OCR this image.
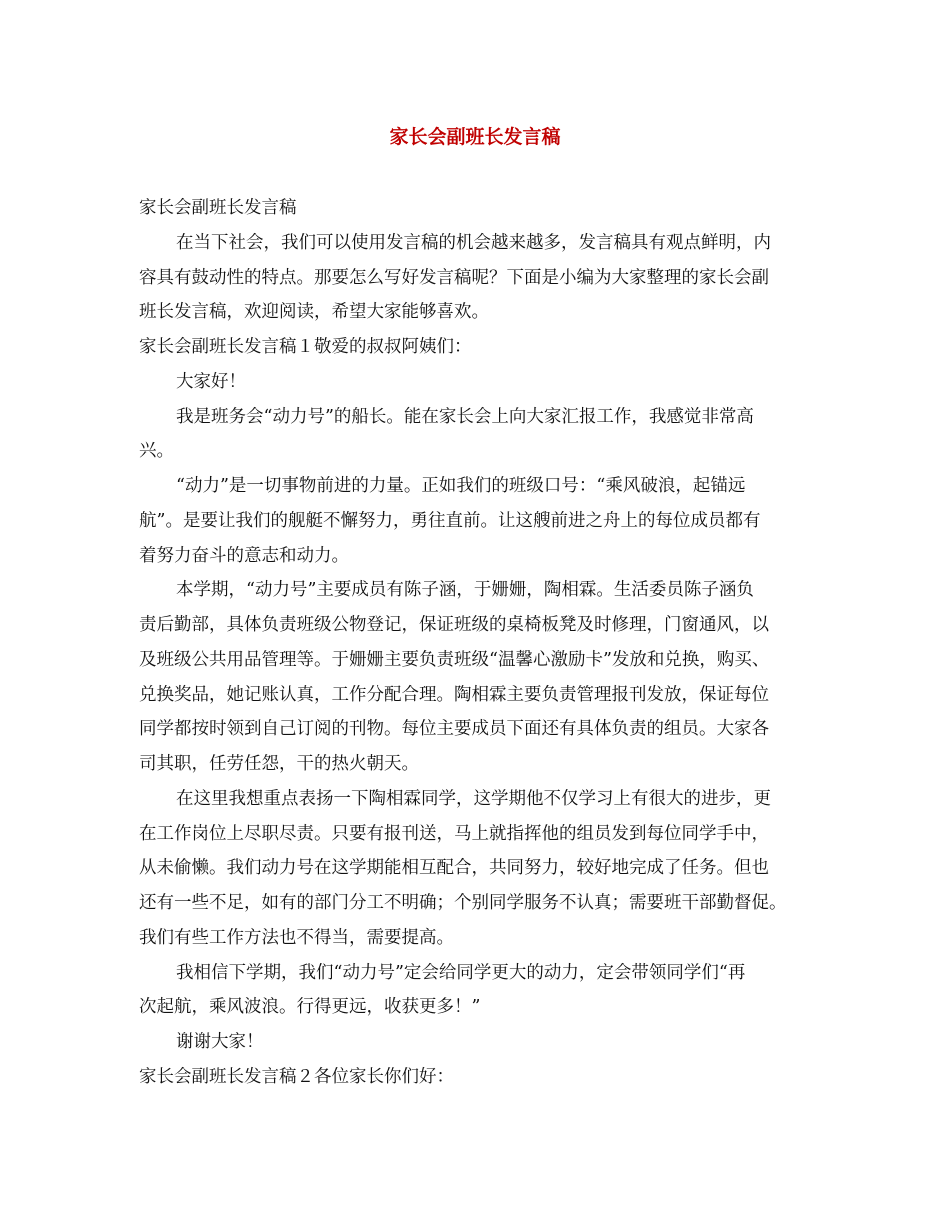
家长会副班长发言稿
家长会副班长发言稿
在当下社会，我们可以使用发言稿的机会越来越多，发言稿具有观点鲜明，内
容具有鼓动性的特点。那要怎么写好发言稿呢？下面是小编为大家整理的家长会副
班长发言稿，欢迎阅读，希望大家能够喜欢。
家长会副班长发言稿１敬爱的叔叔阿姨们：
大家好！
我是班务会“动力号”的船长。能在家长会上向大家汇报工作，我感觉非常高
兴。
“动力”是一切事物前进的力量。正如我们的班级口号：“乘风破浪，起锚远
航”。是要让我们的舰艇不懈努力，勇往直前。让这艘前进之舟上的每位成员都有
着努力奋斗的意志和动力。
本学期，“动力号”主要成员有陈子涵，于姗姗，陶相霖。生活委员陈子涵负
责后勤部，具体负责班级公物登记，保证班级的桌椅板凳及时修理，门窗通风，以
及班级公共用品管理等。于姗姗主要负责班级“温馨心激励卡”发放和兑换，购买、
兑换奖品，她记账认真，工作分配合理。陶相霖主要负责管理报刊发放，保证每位
同学都按时领到自己订阅的刊物。每位主要成员下面还有具体负责的组员。大家各
司其职，任劳任怨，干的热火朝天。
在这里我想重点表扬一下陶相霖同学，这学期他不仅学习上有很大的进步，更
在工作岗位上尽职尽责。只要有报刊送，马上就指挥他的组员发到每位同学手中，
从未偷懒。我们动力号在这学期能相互配合，共同努力，较好地完成了任务。但也
还有一些不足，如有的部门分工不明确；个别同学服务不认真；需要班干部勤督促。
我们有些工作方法也不得当，需要提高。
我相信下学期，我们“动力号”定会给同学更大的动力，定会带领同学们“再
次起航，乘风波浪。行得更远，收获更多！”
谢谢大家！
家长会副班长发言稿２各位家长你们好：
